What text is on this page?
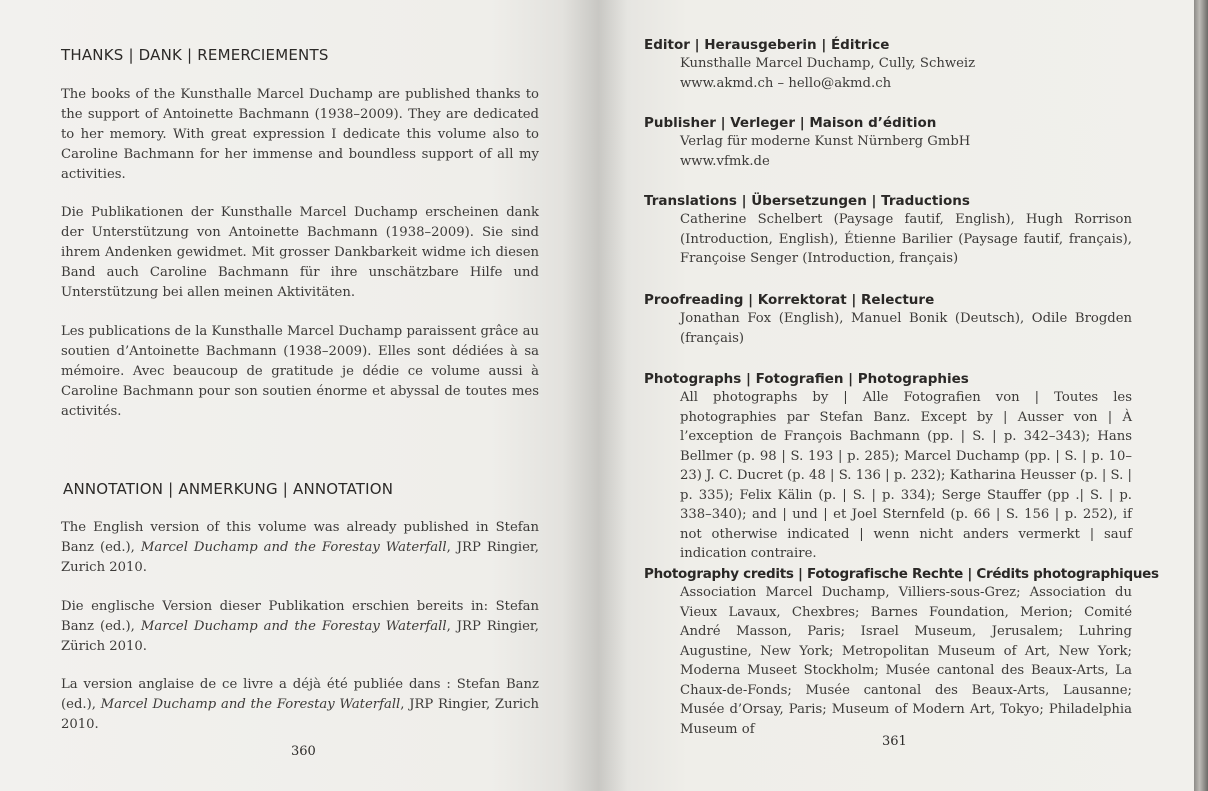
THANKS | DANK | REMERCIEMENTS

The books of the Kunsthalle Marcel Duchamp are published thanks to the support of Antoinette Bachmann (1938–2009). They are dedicated to her memory. With great expression I dedicate this volume also to Caroline Bachmann for her immense and boundless support of all my activities.

Die Publikationen der Kunsthalle Marcel Duchamp erscheinen dank der Unterstützung von Antoinette Bachmann (1938–2009). Sie sind ihrem Andenken gewidmet. Mit grosser Dankbarkeit widme ich diesen Band auch Caroline Bachmann für ihre unschätzbare Hilfe und Unterstützung bei allen meinen Aktivitäten.

Les publications de la Kunsthalle Marcel Duchamp paraissent grâce au soutien d’Antoinette Bachmann (1938–2009). Elles sont dédiées à sa mémoire. Avec beaucoup de gratitude je dédie ce volume aussi à Caroline Bachmann pour son soutien énorme et abyssal de toutes mes activités.

ANNOTATION | ANMERKUNG | ANNOTATION

The English version of this volume was already published in Stefan Banz (ed.), Marcel Duchamp and the Forestay Waterfall, JRP Ringier, Zurich 2010.

Die englische Version dieser Publikation erschien bereits in: Stefan Banz (ed.), Marcel Duchamp and the Forestay Waterfall, JRP Ringier, Zürich 2010.

La version anglaise de ce livre a déjà été publiée dans : Stefan Banz (ed.), Marcel Duchamp and the Forestay Waterfall, JRP Ringier, Zurich 2010.

360

Editor | Herausgeberin | Éditrice

Kunsthalle Marcel Duchamp, Cully, Schweiz
www.akmd.ch – hello@akmd.ch

Publisher | Verleger | Maison d’édition

Verlag für moderne Kunst Nürnberg GmbH
www.vfmk.de

Translations | Übersetzungen | Traductions

Catherine Schelbert (Paysage fautif, English), Hugh Rorrison (Introduction, English), Étienne Barilier (Paysage fautif, français), Françoise Senger (Introduction, français)

Proofreading | Korrektorat | Relecture

Jonathan Fox (English), Manuel Bonik (Deutsch), Odile Brogden (français)

Photographs | Fotografien | Photographies

All photographs by | Alle Fotografien von | Toutes les photographies par Stefan Banz. Except by | Ausser von | À l’exception de François Bachmann (pp. | S. | p. 342–343); Hans Bellmer (p. 98 | S. 193 | p. 285); Marcel Duchamp (pp. | S. | p. 10–23) J. C. Ducret (p. 48 | S. 136 | p. 232); Katharina Heusser (p. | S. | p. 335); Felix Kälin (p. | S. | p. 334); Serge Stauffer (pp .| S. | p. 338–340); and | und | et Joel Sternfeld (p. 66 | S. 156 | p. 252), if not otherwise indicated | wenn nicht anders vermerkt | sauf indication contraire.

Photography credits | Fotografische Rechte | Crédits photographiques

Association Marcel Duchamp, Villiers-sous-Grez; Association du Vieux Lavaux, Chexbres; Barnes Foundation, Merion; Comité André Masson, Paris; Israel Museum, Jerusalem; Luhring Augustine, New York; Metropolitan Museum of Art, New York; Moderna Museet Stockholm; Musée cantonal des Beaux-Arts, La Chaux-de-Fonds; Musée cantonal des Beaux-Arts, Lausanne; Musée d’Orsay, Paris; Museum of Modern Art, Tokyo; Philadelphia Museum of

361
